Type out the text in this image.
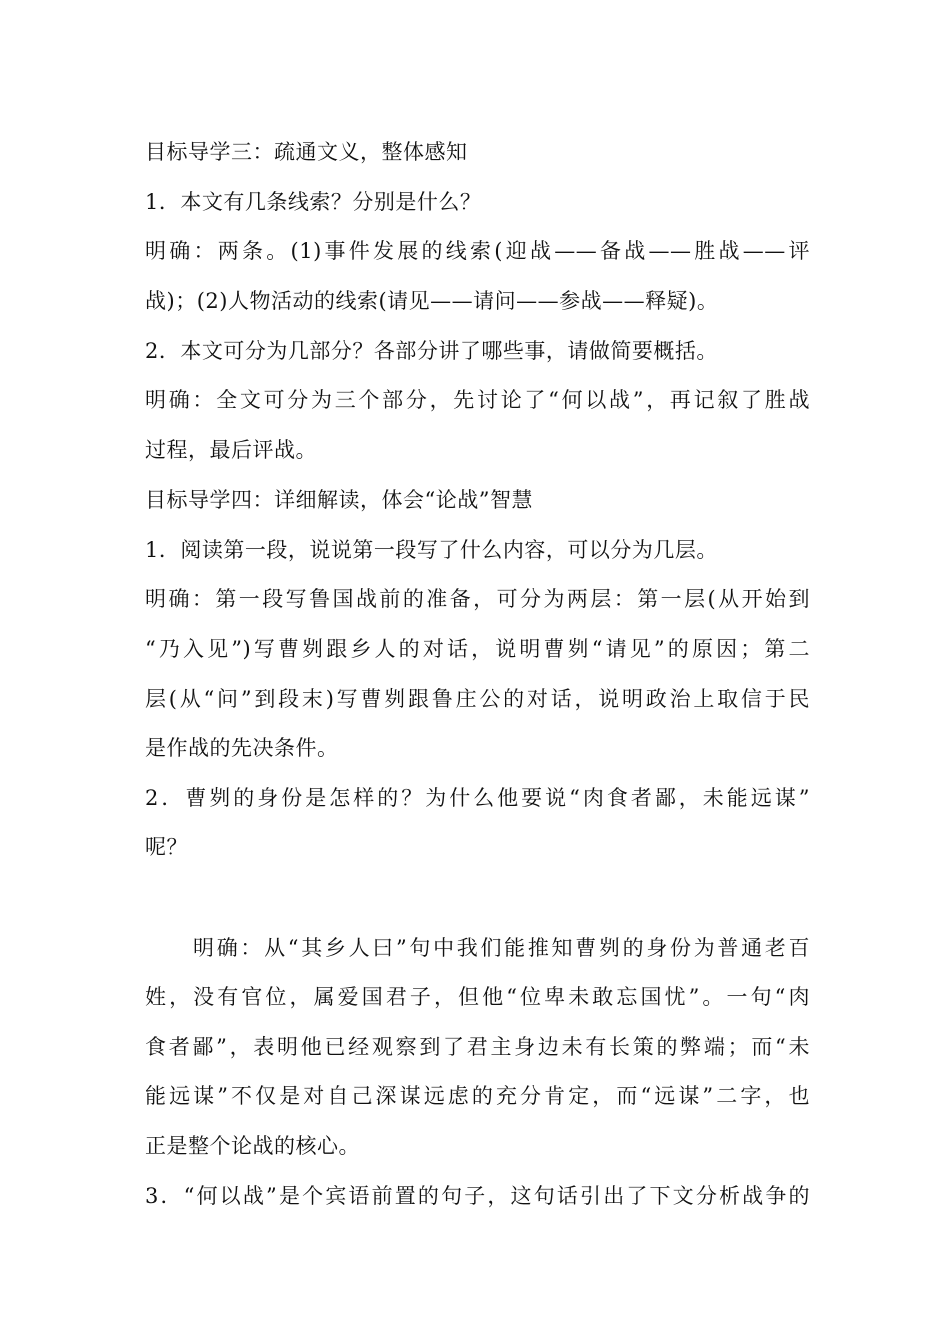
目标导学三：疏通文义，整体感知
1．本文有几条线索？分别是什么？
明确：两条。(1)事件发展的线索(迎战——备战——胜战——评
战)；(2)人物活动的线索(请见——请问——参战——释疑)。
2．本文可分为几部分？各部分讲了哪些事，请做简要概括。
明确：全文可分为三个部分，先讨论了“何以战”，再记叙了胜战
过程，最后评战。
目标导学四：详细解读，体会“论战”智慧
1．阅读第一段，说说第一段写了什么内容，可以分为几层。
明确：第一段写鲁国战前的准备，可分为两层：第一层(从开始到
“乃入见”)写曹刿跟乡人的对话，说明曹刿“请见”的原因；第二
层(从“问”到段末)写曹刿跟鲁庄公的对话，说明政治上取信于民
是作战的先决条件。
2．曹刿的身份是怎样的？为什么他要说“肉食者鄙，未能远谋”
呢？
明确：从“其乡人曰”句中我们能推知曹刿的身份为普通老百
姓，没有官位，属爱国君子，但他“位卑未敢忘国忧”。一句“肉
食者鄙”，表明他已经观察到了君主身边未有长策的弊端；而“未
能远谋”不仅是对自己深谋远虑的充分肯定，而“远谋”二字，也
正是整个论战的核心。
3．“何以战”是个宾语前置的句子，这句话引出了下文分析战争的
